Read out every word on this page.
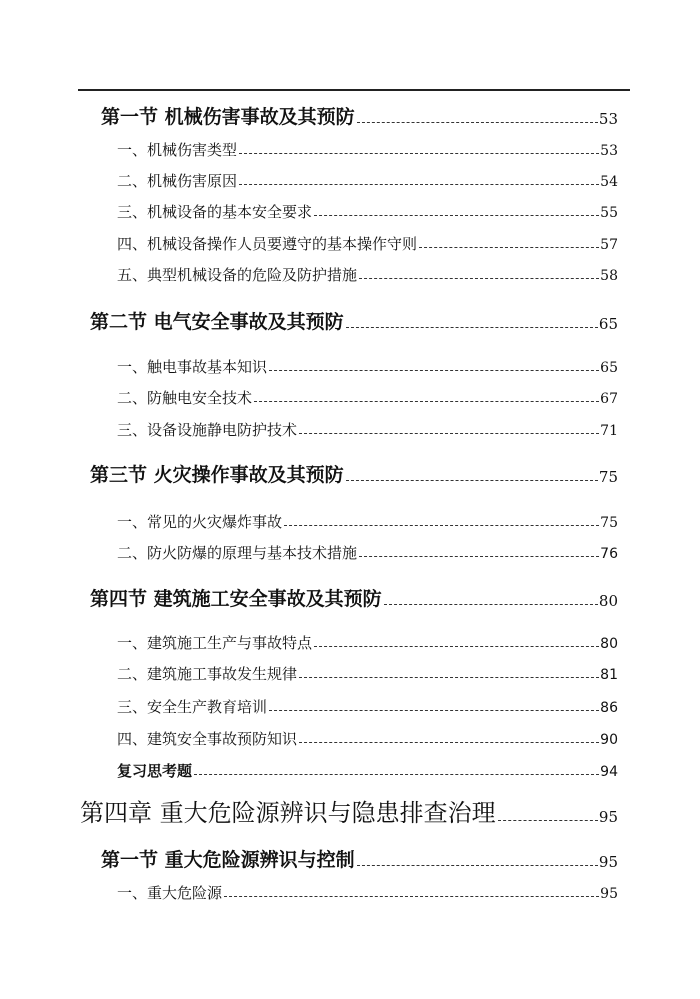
第一节 机械伤害事故及其预防	53
一、机械伤害类型	53
二、机械伤害原因	54
三、机械设备的基本安全要求	55
四、机械设备操作人员要遵守的基本操作守则	57
五、典型机械设备的危险及防护措施	58
第二节 电气安全事故及其预防	65
一、触电事故基本知识	65
二、防触电安全技术	67
三、设备设施静电防护技术	71
第三节 火灾操作事故及其预防	75
一、常见的火灾爆炸事故	75
二、防火防爆的原理与基本技术措施	76
第四节 建筑施工安全事故及其预防	80
一、建筑施工生产与事故特点	80
二、建筑施工事故发生规律	81
三、安全生产教育培训	86
四、建筑安全事故预防知识	90
复习思考题	94
第四章 重大危险源辨识与隐患排查治理	95
第一节 重大危险源辨识与控制	95
一、重大危险源	95
